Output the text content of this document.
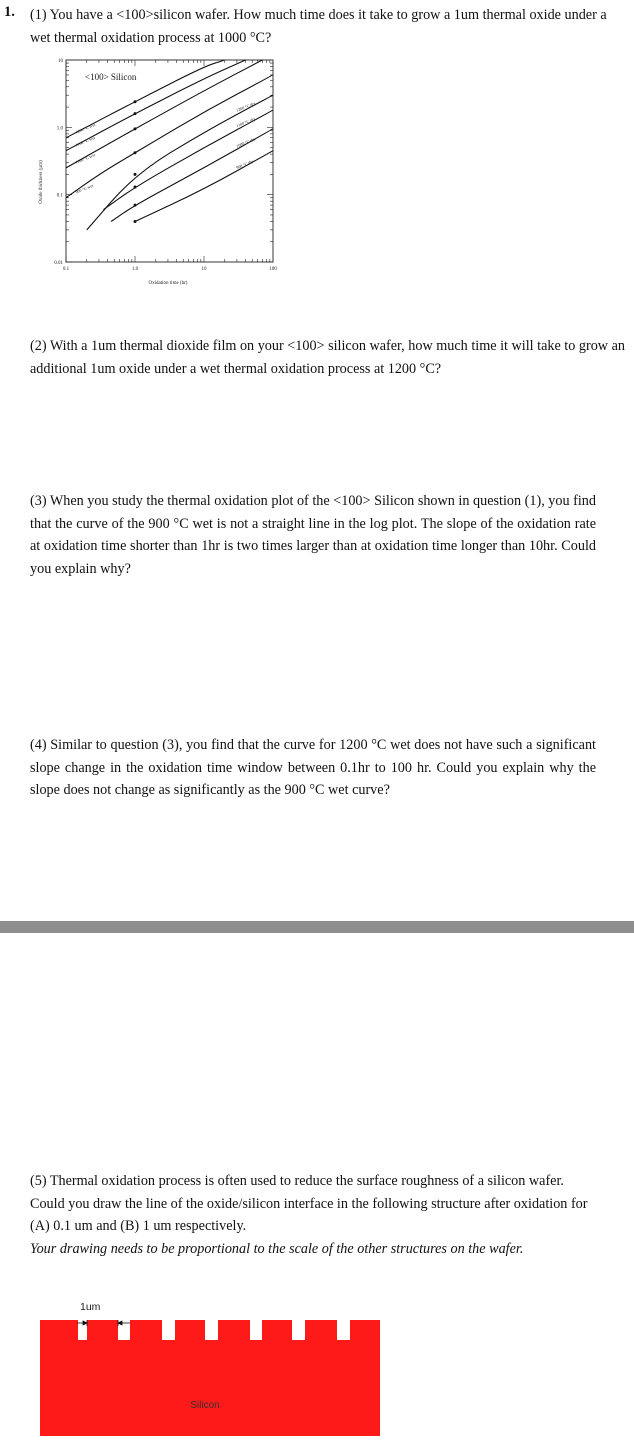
1. (1) You have a <100>silicon wafer. How much time does it take to grow a 1um thermal oxide under a wet thermal oxidation process at 1000 °C?
0.1	1.0	10	100
0.01
0.1
1.0
10
1200 °C wet
1100 °C wet
1000 °C wet
900 °C wet
1200 °C dry
1100 °C dry
1000 °C dry
900 °C dry
<100> Silicon
Oxidation time (hr)
Oxide thickness (µm)
(2) With a 1um thermal dioxide film on your <100> silicon wafer, how much time it will take to grow an additional 1um oxide under a wet thermal oxidation process at 1200 °C?
(3) When you study the thermal oxidation plot of the <100> Silicon shown in question (1), you find that the curve of the 900 °C wet is not a straight line in the log plot. The slope of the oxidation rate at oxidation time shorter than 1hr is two times larger than at oxidation time longer than 10hr. Could you explain why?
(4) Similar to question (3), you find that the curve for 1200 °C wet does not have such a significant slope change in the oxidation time window between 0.1hr to 100 hr. Could you explain why the slope does not change as significantly as the 900 °C wet curve?
(5) Thermal oxidation process is often used to reduce the surface roughness of a silicon wafer. Could you draw the line of the oxide/silicon interface in the following structure after oxidation for (A) 0.1 um and (B) 1 um respectively.
Your drawing needs to be proportional to the scale of the other structures on the wafer.
1um
Silicon
